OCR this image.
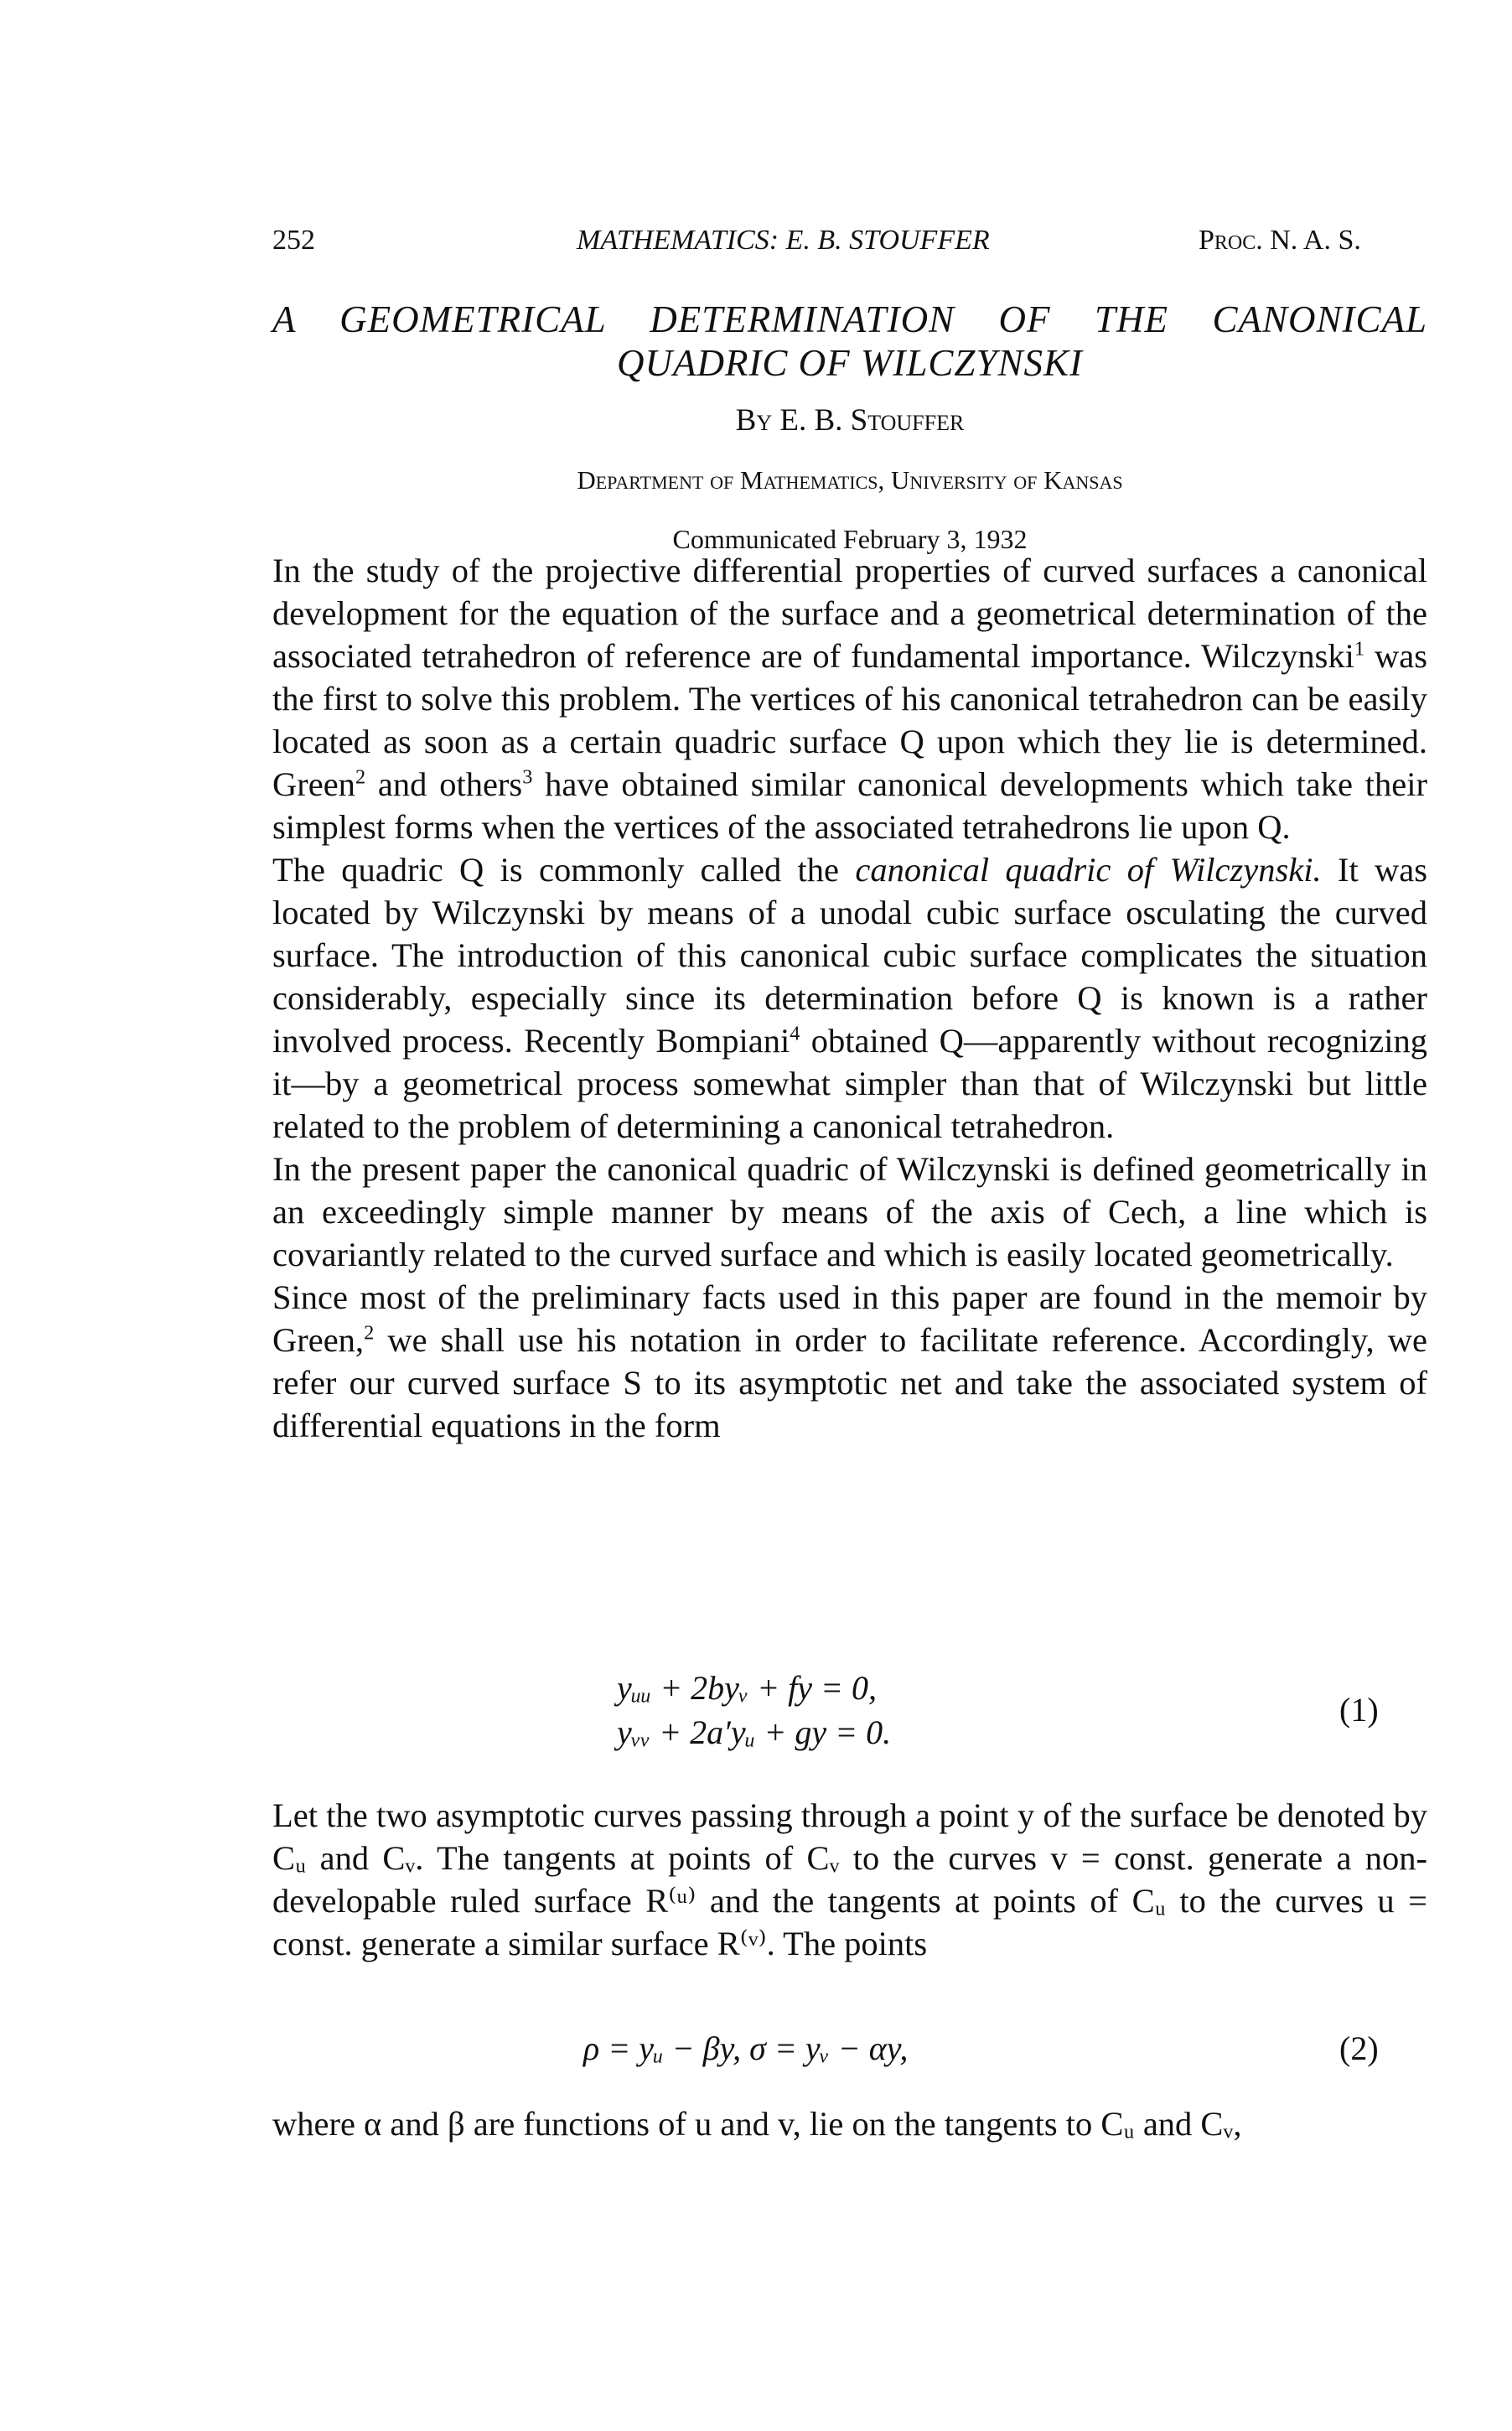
252	MATHEMATICS: E. B. STOUFFER	Proc. N. A. S.
A GEOMETRICAL DETERMINATION OF THE CANONICAL
QUADRIC OF WILCZYNSKI
By E. B. Stouffer
Department of Mathematics, University of Kansas
Communicated February 3, 1932

In the study of the projective differential properties of curved surfaces a canonical development for the equation of the surface and a geometrical determination of the associated tetrahedron of reference are of fundamental importance. Wilczynski$^1$ was the first to solve this problem. The vertices of his canonical tetrahedron can be easily located as soon as a certain quadric surface Q upon which they lie is determined. Green$^2$ and others$^3$ have obtained similar canonical developments which take their simplest forms when the vertices of the associated tetrahedrons lie upon Q.

The quadric Q is commonly called the canonical quadric of Wilczynski. It was located by Wilczynski by means of a unodal cubic surface osculating the curved surface. The introduction of this canonical cubic surface complicates the situation considerably, especially since its determination before Q is known is a rather involved process. Recently Bompiani$^4$ obtained Q—apparently without recognizing it—by a geometrical process somewhat simpler than that of Wilczynski but little related to the problem of determining a canonical tetrahedron.

In the present paper the canonical quadric of Wilczynski is defined geometrically in an exceedingly simple manner by means of the axis of Cech, a line which is covariantly related to the curved surface and which is easily located geometrically.

Since most of the preliminary facts used in this paper are found in the memoir by Green,$^2$ we shall use his notation in order to facilitate reference. Accordingly, we refer our curved surface S to its asymptotic net and take the associated system of differential equations in the form

yᵤᵤ + 2byᵥ + fy = 0,
yᵥᵥ + 2a′yᵤ + gy = 0.
(1)

Let the two asymptotic curves passing through a point y of the surface be denoted by Cᵤ and Cᵥ. The tangents at points of Cᵥ to the curves v = const. generate a non-developable ruled surface R⁽ᵘ⁾ and the tangents at points of Cᵤ to the curves u = const. generate a similar surface R⁽ᵛ⁾. The points

ρ = yᵤ − βy, σ = yᵥ − αy,	(2)

where α and β are functions of u and v, lie on the tangents to Cᵤ and Cᵥ,
